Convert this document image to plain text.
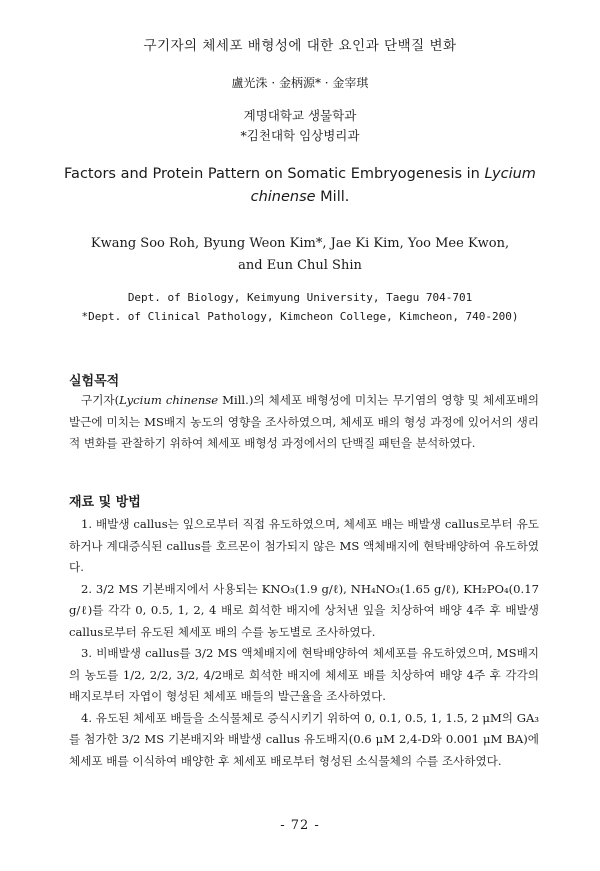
구기자의 체세포 배형성에 대한 요인과 단백질 변화
盧光洙 · 金柄源* · 金宰琪
계명대학교 생물학과
*김천대학 임상병리과
Factors and Protein Pattern on Somatic Embryogenesis in Lycium
chinense Mill.
Kwang Soo Roh, Byung Weon Kim*, Jae Ki Kim, Yoo Mee Kwon,
and Eun Chul Shin
Dept. of Biology, Keimyung University, Taegu 704-701
*Dept. of Clinical Pathology, Kimcheon College, Kimcheon, 740-200)
실험목적

구기자(Lycium chinense Mill.)의 체세포 배형성에 미치는 무기염의 영향 및 체세포배의 발근에 미치는 MS배지 농도의 영향을 조사하였으며, 체세포 배의 형성 과정에 있어서의 생리적 변화를 관찰하기 위하여 체세포 배형성 과정에서의 단백질 패턴을 분석하였다.

재료 및 방법

1. 배발생 callus는 잎으로부터 직접 유도하였으며, 체세포 배는 배발생 callus로부터 유도하거나 계대증식된 callus를 호르몬이 첨가되지 않은 MS 액체배지에 현탁배양하여 유도하였다.

2. 3/2 MS 기본배지에서 사용되는 KNO₃(1.9 g/ℓ), NH₄NO₃(1.65 g/ℓ), KH₂PO₄(0.17 g/ℓ)를 각각 0, 0.5, 1, 2, 4 배로 희석한 배지에 상처낸 잎을 치상하여 배양 4주 후 배발생 callus로부터 유도된 체세포 배의 수를 농도별로 조사하였다.

3. 비배발생 callus를 3/2 MS 액체배지에 현탁배양하여 체세포를 유도하였으며, MS배지의 농도를 1/2, 2/2, 3/2, 4/2배로 희석한 배지에 체세포 배를 치상하여 배양 4주 후 각각의 배지로부터 자엽이 형성된 체세포 배들의 발근율을 조사하였다.

4. 유도된 체세포 배들을 소식물체로 증식시키기 위하여 0, 0.1, 0.5, 1, 1.5, 2 μM의 GA₃를 첨가한 3/2 MS 기본배지와 배발생 callus 유도배지(0.6 μM 2,4-D와 0.001 μM BA)에 체세포 배를 이식하여 배양한 후 체세포 배로부터 형성된 소식물체의 수를 조사하였다.

- 72 -
